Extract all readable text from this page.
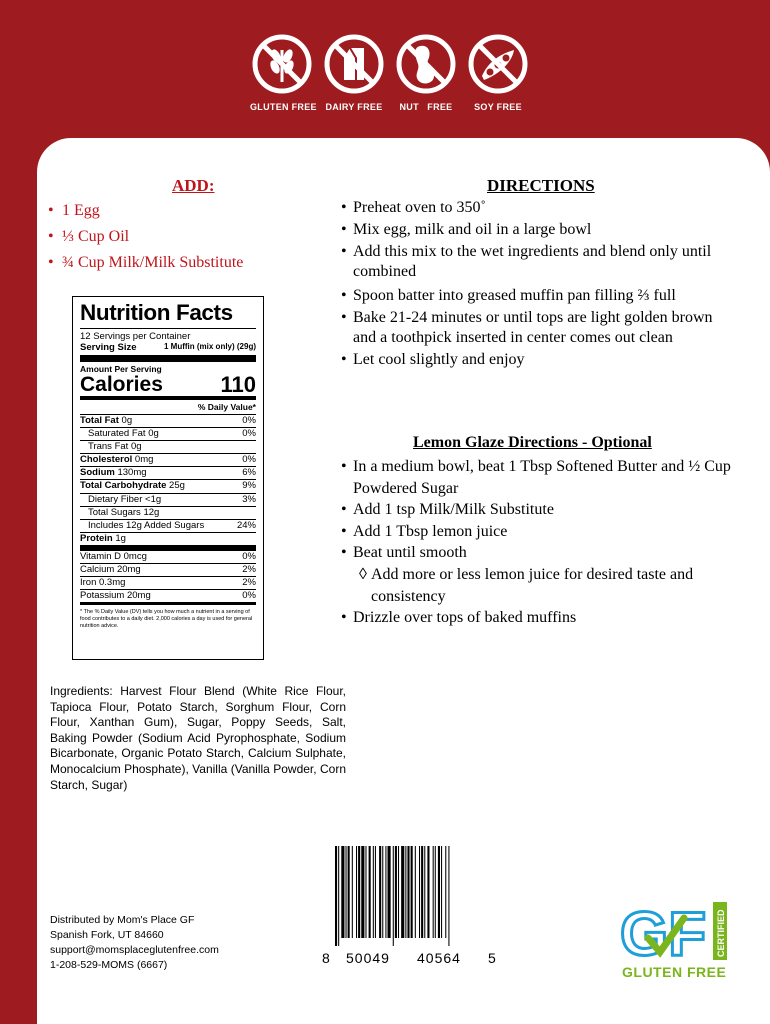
GLUTEN FREE DAIRY FREE	NUT   FREE	SOY FREE
ADD:
• 1 Egg
• ⅓ Cup Oil
• ¾ Cup Milk/Milk Substitute
Nutrition Facts
12 Servings per Container
Serving Size	1 Muffin (mix only) (29g)
Amount Per Serving
Calories	110
% Daily Value*
Total Fat 0g	0%
Saturated Fat 0g	0%
Trans Fat 0g
Cholesterol 0mg	0%
Sodium 130mg	6%
Total Carbohydrate 25g	9%
Dietary Fiber <1g	3%
Total Sugars 12g
Includes 12g Added Sugars	24%
Protein 1g
Vitamin D 0mcg	0%
Calcium 20mg	2%
Iron 0.3mg	2%
Potassium 20mg	0%
* The % Daily Value (DV) tells you how much a nutrient in a serving of food contributes to a daily diet. 2,000 calories a day is used for general nutrition advice.
Ingredients: Harvest Flour Blend (White Rice Flour, Tapioca Flour, Potato Starch, Sorghum Flour, Corn Flour, Xanthan Gum), Sugar, Poppy Seeds, Salt, Baking Powder (Sodium Acid Pyrophosphate, Sodium Bicarbonate, Organic Potato Starch, Calcium Sulphate, Monocalcium Phosphate), Vanilla (Vanilla Powder, Corn Starch, Sugar)
Distributed by Mom's Place GF
Spanish Fork, UT 84660
support@momsplaceglutenfree.com
1-208-529-MOMS (6667)	8 50049 40564 5 GF CERTIFIED
GLUTEN FREE
DIRECTIONS
• Preheat oven to 350˚
• Mix egg, milk and oil in a large bowl
• Add this mix to the wet ingredients and blend only until combined
• Spoon batter into greased muffin pan filling ⅔ full
• Bake 21-24 minutes or until tops are light golden brown and a toothpick inserted in center comes out clean
• Let cool slightly and enjoy
Lemon Glaze Directions - Optional
• In a medium bowl, beat 1 Tbsp Softened Butter and ½ Cup Powdered Sugar
• Add 1 tsp Milk/Milk Substitute
• Add 1 Tbsp lemon juice
• Beat until smooth
◊ Add more or less lemon juice for desired taste and consistency
• Drizzle over tops of baked muffins
